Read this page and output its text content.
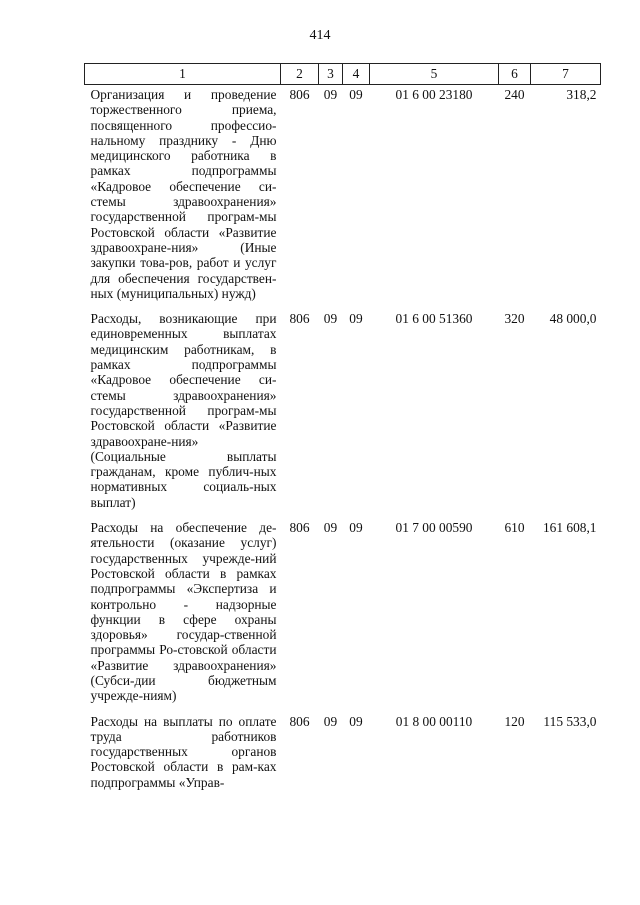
414
1	2	3	4	5	6	7
Организация и проведение торжественного приема, посвященного профессио-нальному празднику - Дню медицинского работника в рамках подпрограммы «Кадровое обеспечение си-стемы здравоохранения» государственной програм-мы Ростовской области «Развитие здравоохране-ния» (Иные закупки това-ров, работ и услуг для обеспечения государствен-ных (муниципальных) нужд)	806	09	09	01 6 00 23180	240	318,2
Расходы, возникающие при единовременных выплатах медицинским работникам, в рамках подпрограммы «Кадровое обеспечение си-стемы здравоохранения» государственной програм-мы Ростовской области «Развитие здравоохране-ния» (Социальные выплаты гражданам, кроме публич-ных нормативных социаль-ных выплат)	806	09	09	01 6 00 51360	320	48 000,0
Расходы на обеспечение де-ятельности (оказание услуг) государственных учрежде-ний Ростовской области в рамках подпрограммы «Экспертиза и контрольно - надзорные функции в сфере охраны здоровья» государ-ственной программы Ро-стовской области «Развитие здравоохранения» (Субси-дии бюджетным учрежде-ниям)	806	09	09	01 7 00 00590	610	161 608,1
Расходы на выплаты по оплате труда работников государственных органов Ростовской области в рам-ках подпрограммы «Управ-	806	09	09	01 8 00 00110	120	115 533,0
